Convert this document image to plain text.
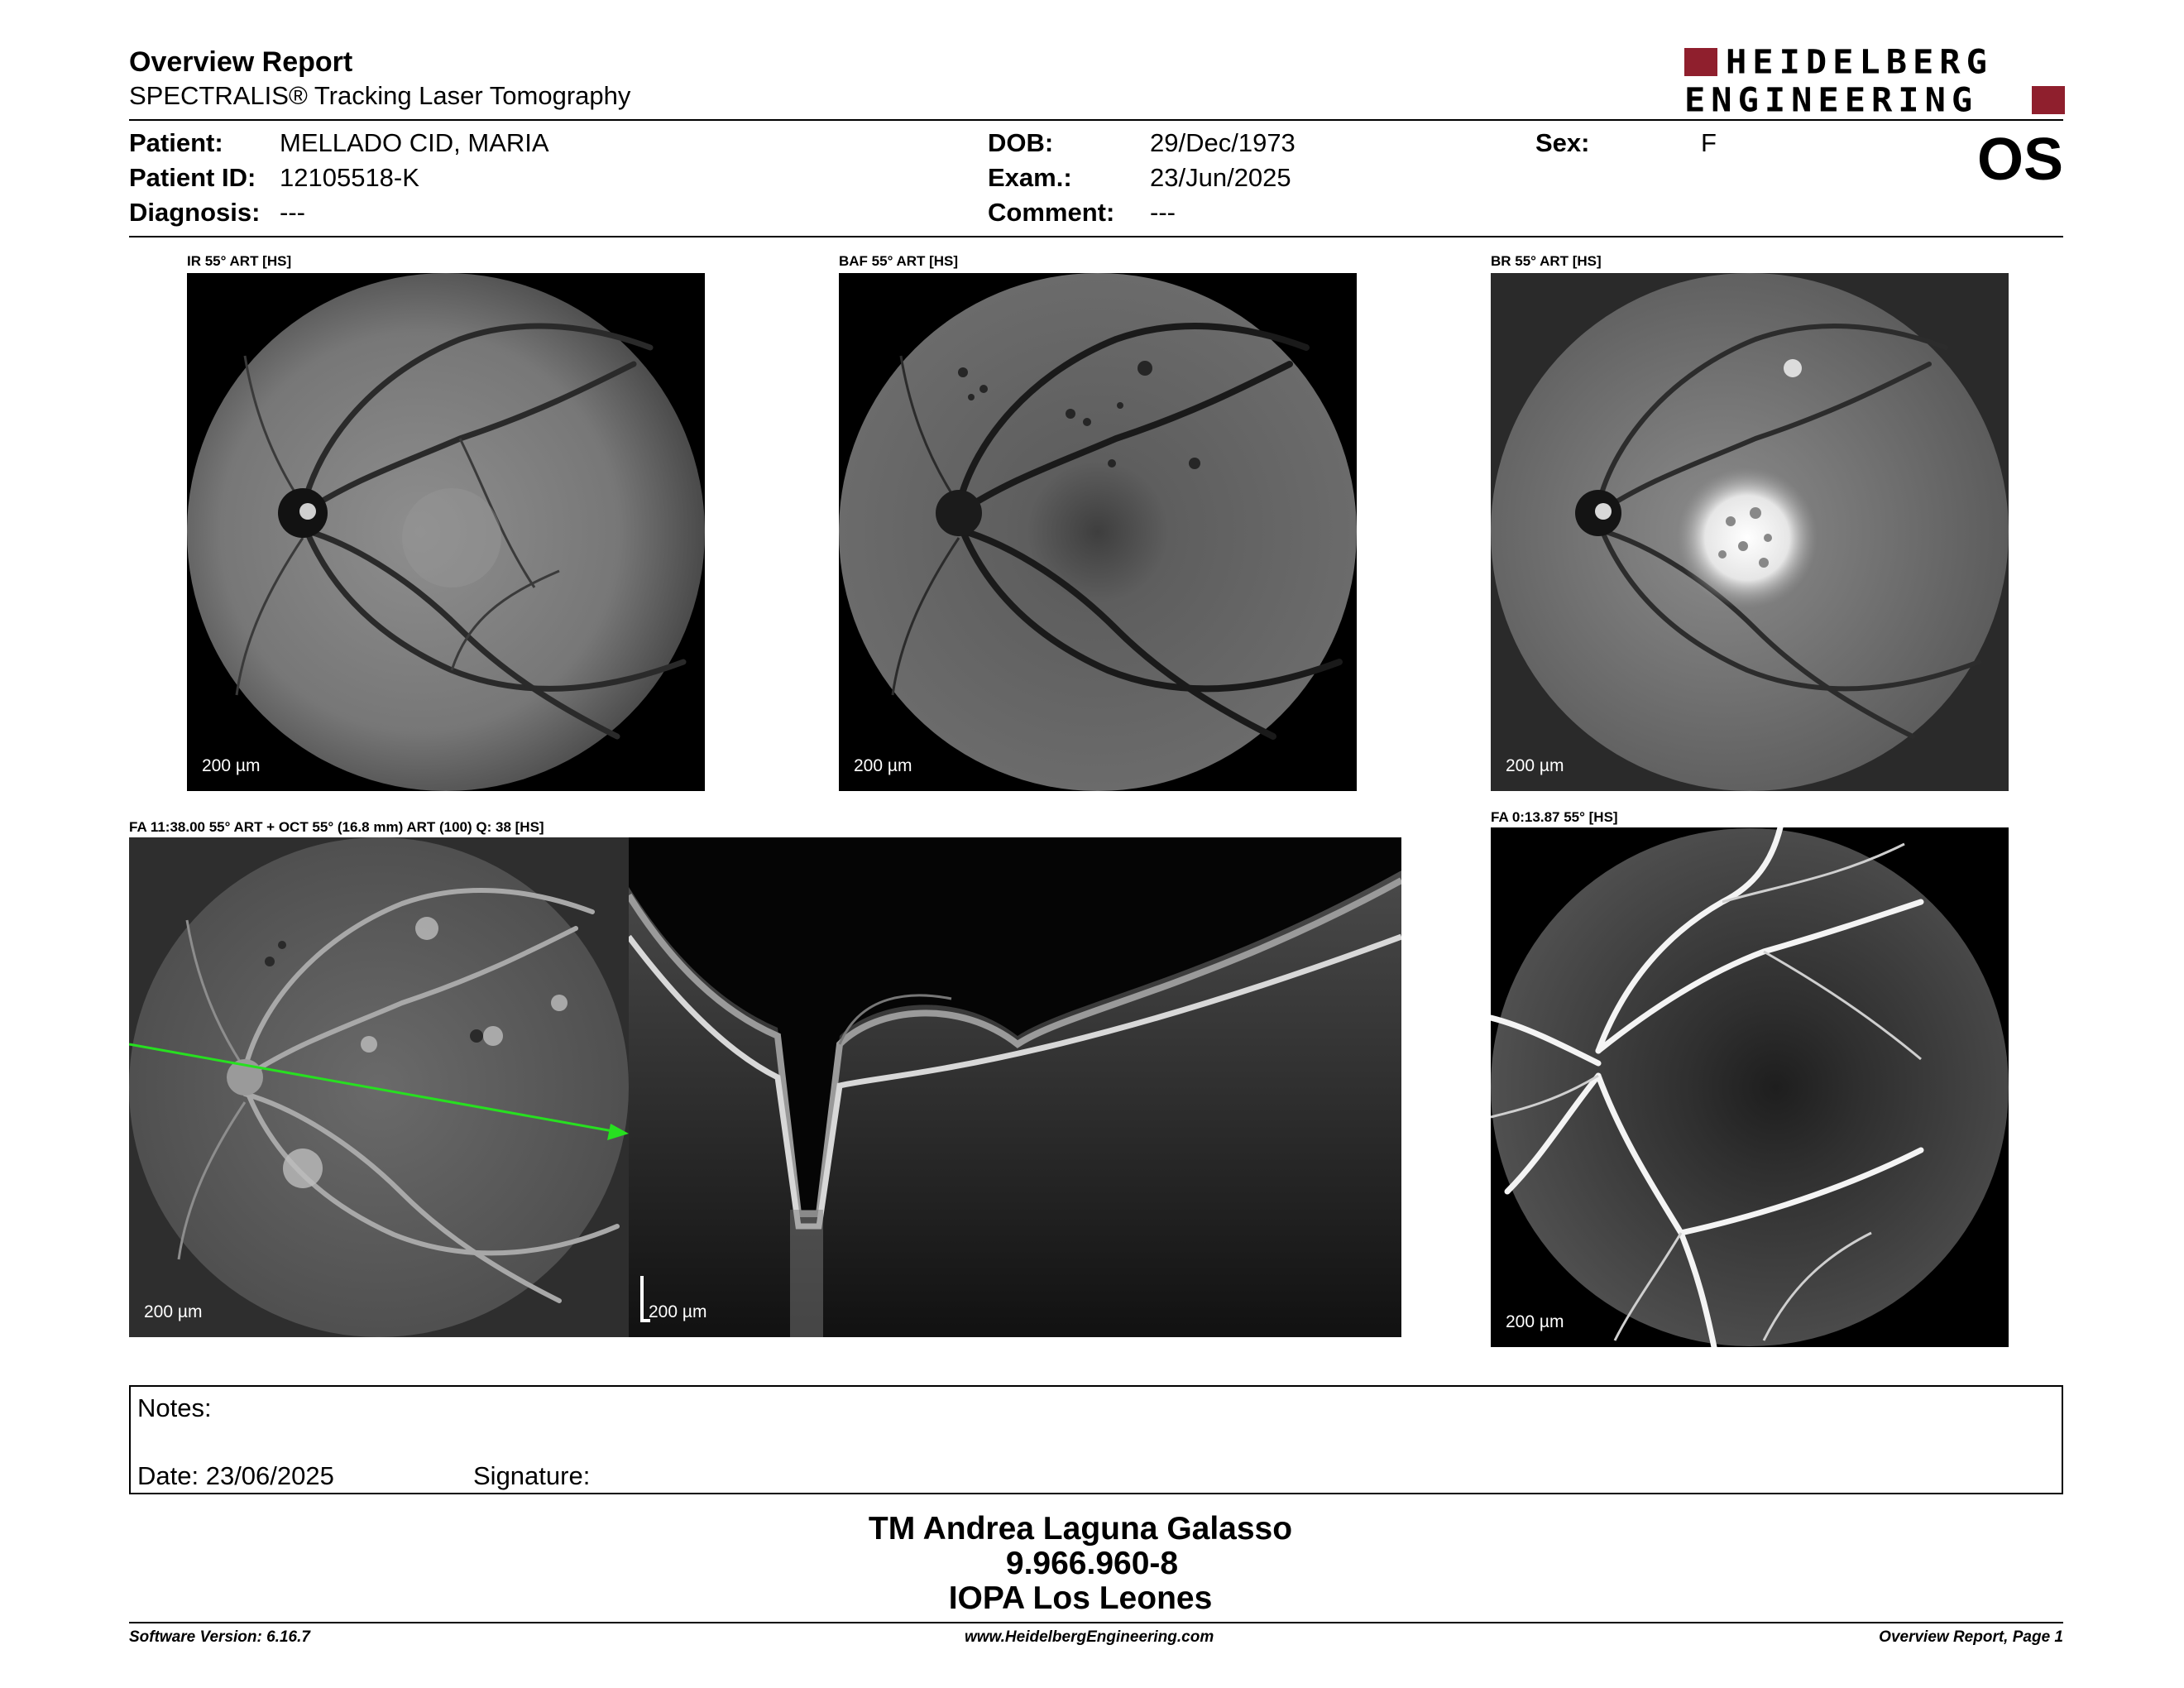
Overview Report
SPECTRALIS® Tracking Laser Tomography
HEIDELBERG
ENGINEERING
Patient: MELLADO CID, MARIA
Patient ID: 12105518-K
Diagnosis: ---
DOB:	29/Dec/1973
Exam.:	23/Jun/2025
Comment: ---
Sex:	F	OS
IR 55° ART [HS]
200 µm
BAF 55° ART [HS]
200 µm
BR 55° ART [HS]
200 µm
FA 11:38.00 55° ART + OCT 55° (16.8 mm) ART (100) Q: 38 [HS]
200 µm	200 µm
FA 0:13.87 55° [HS]
200 µm
Notes:
Date: 23/06/2025	Signature:
TM Andrea Laguna Galasso
9.966.960-8
IOPA Los Leones
Software Version: 6.16.7	www.HeidelbergEngineering.com	Overview Report, Page 1
